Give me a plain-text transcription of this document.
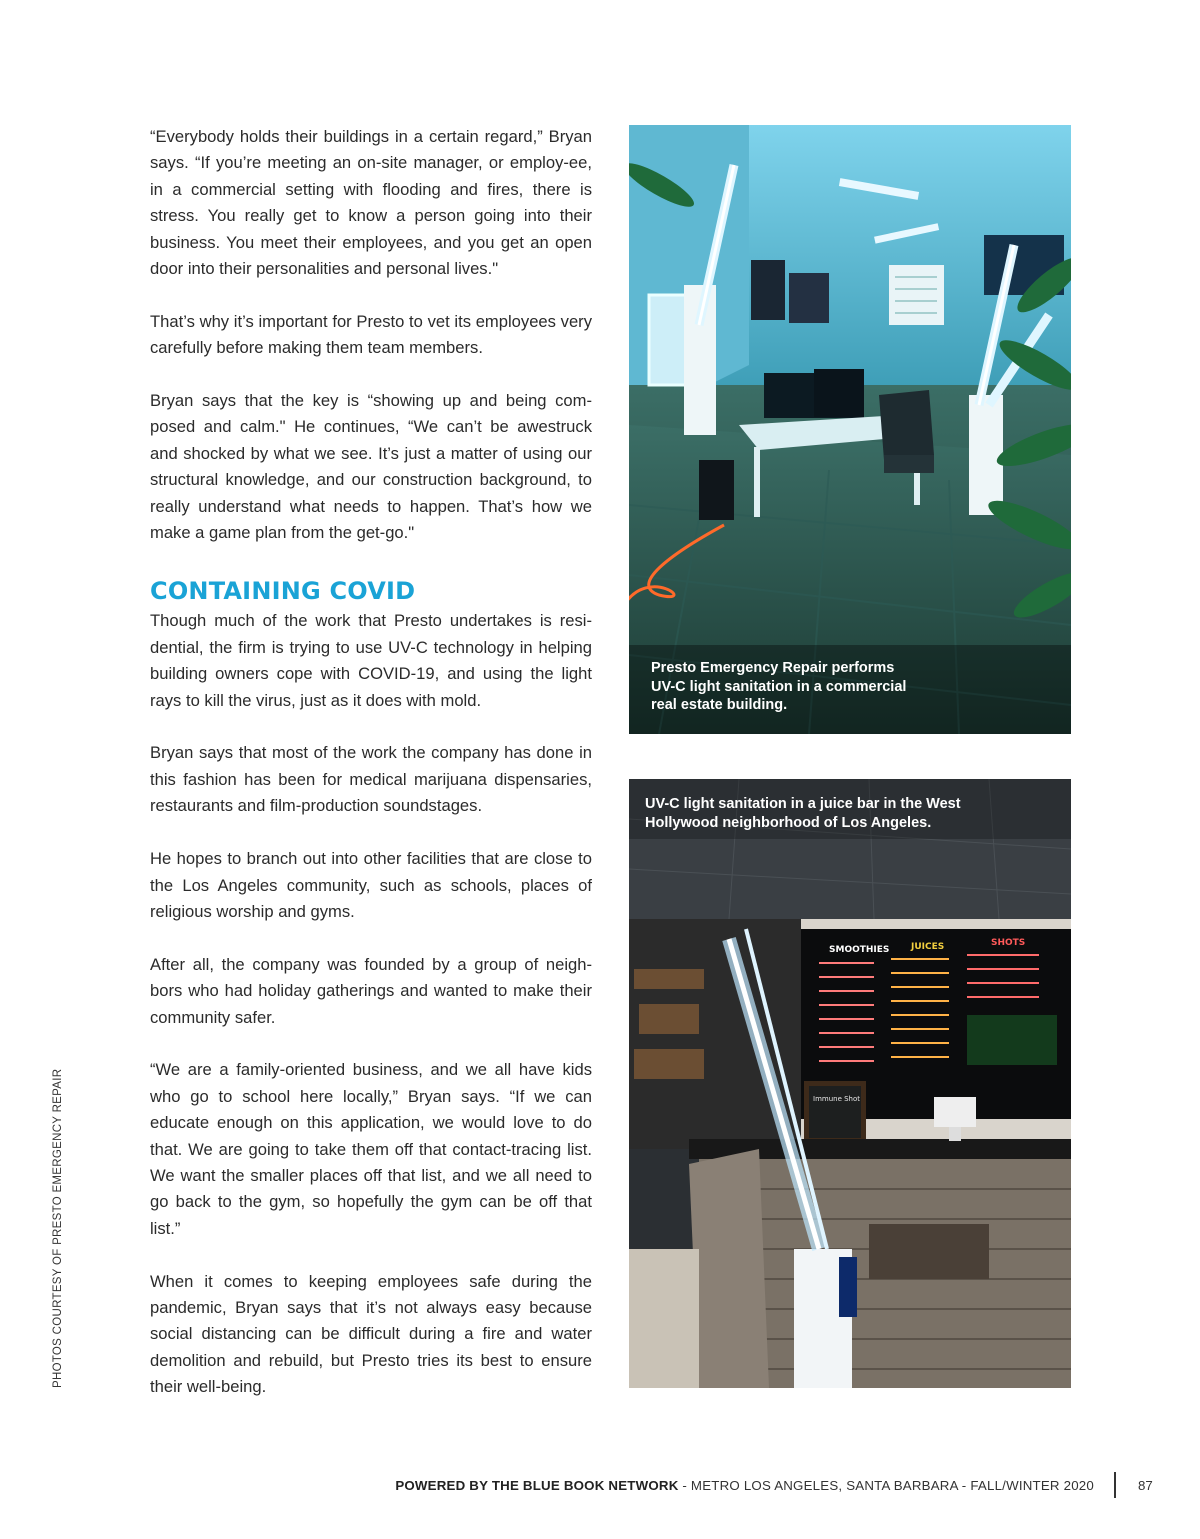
“Everybody holds their buildings in a certain regard,” Bryan says. “If you’re meeting an on-site manager, or employ-ee, in a commercial setting with flooding and fires, there is stress. You really get to know a person going into their business. You meet their employees, and you get an open door into their personalities and personal lives."

That’s why it’s important for Presto to vet its employees very carefully before making them team members.

Bryan says that the key is “showing up and being com-posed and calm." He continues, “We can’t be awestruck and shocked by what we see. It’s just a matter of using our structural knowledge, and our construction background, to really understand what needs to happen. That’s how we make a game plan from the get-go."

CONTAINING COVID

Though much of the work that Presto undertakes is resi-dential, the firm is trying to use UV-C technology in helping building owners cope with COVID-19, and using the light rays to kill the virus, just as it does with mold.

Bryan says that most of the work the company has done in this fashion has been for medical marijuana dispensaries, restaurants and film-production soundstages.

He hopes to branch out into other facilities that are close to the Los Angeles community, such as schools, places of religious worship and gyms.

After all, the company was founded by a group of neigh-bors who had holiday gatherings and wanted to make their community safer.

“We are a family-oriented business, and we all have kids who go to school here locally,” Bryan says. “If we can educate enough on this application, we would love to do that. We are going to take them off that contact-tracing list. We want the smaller places off that list, and we all need to go back to the gym, so hopefully the gym can be off that list.”

When it comes to keeping employees safe during the pandemic, Bryan says that it’s not always easy because social distancing can be difficult during a fire and water demolition and rebuild, but Presto tries its best to ensure their well-being.

Presto Emergency Repair performs UV-C light sanitation in a commercial real estate building.
SMOOTHIES JUICES	SHOTS
Immune Shot
UV-C light sanitation in a juice bar in the West Hollywood neighborhood of Los Angeles.
PHOTOS COURTESY OF PRESTO EMERGENCY REPAIR
POWERED BY THE BLUE BOOK NETWORK - METRO LOS ANGELES, SANTA BARBARA - FALL/WINTER 2020	87
